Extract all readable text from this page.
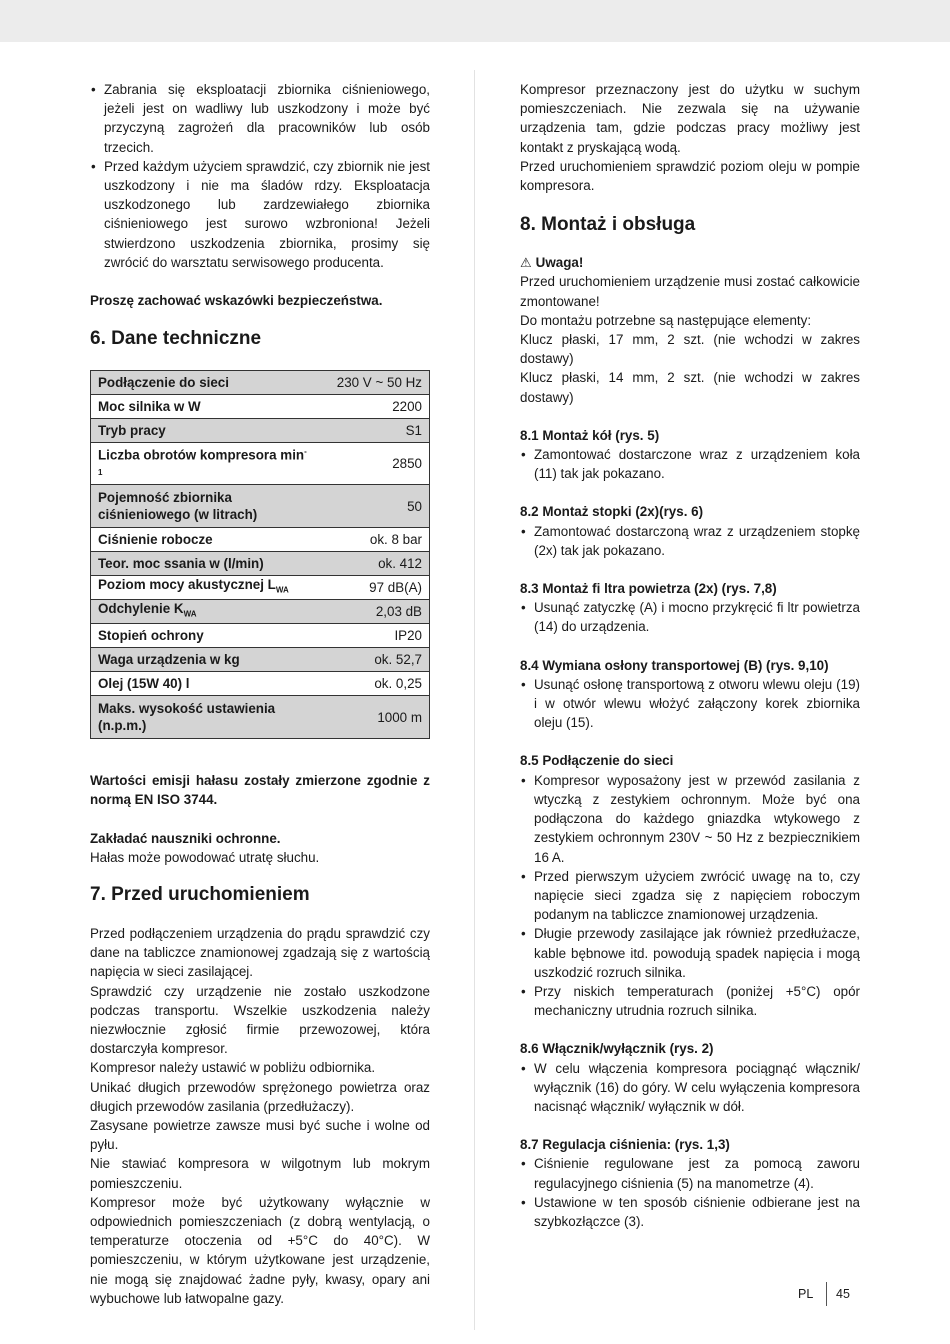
• Zabrania się eksploatacji zbiornika ciśnieniowego, jeżeli jest on wadliwy lub uszkodzony i może być przyczyną zagrożeń dla pracowników lub osób trzecich.
• Przed każdym użyciem sprawdzić, czy zbiornik nie jest uszkodzony i nie ma śladów rdzy. Eksploatacja uszkodzonego lub zardzewiałego zbiornika ciśnieniowego jest surowo wzbroniona! Jeżeli stwierdzono uszkodzenia zbiornika, prosimy się zwrócić do warsztatu serwisowego producenta.

Proszę zachować wskazówki bezpieczeństwa.

6. Dane techniczne
Podłączenie do sieci	230 V ~ 50 Hz
Moc silnika w W	2200
Tryb pracy	S1
Liczba obrotów kompresora $\min^{-1}$	2850
Pojemność zbiornika ciśnieniowego (w litrach)	50
Ciśnienie robocze	ok. 8 bar
Teor. moc ssania w (l/min)	ok. 412
Poziom mocy akustycznej $L_{WA}$	97 dB(A)
Odchylenie $K_{WA}$	2,03 dB
Stopień ochrony	IP20
Waga urządzenia w kg	ok. 52,7
Olej (15W 40) l	ok. 0,25
Maks. wysokość ustawienia (n.p.m.)	1000 m

Wartości emisji hałasu zostały zmierzone zgodnie z normą EN ISO 3744.

Zakładać nauszniki ochronne.

Hałas może powodować utratę słuchu.

7. Przed uruchomieniem

Przed podłączeniem urządzenia do prądu sprawdzić czy dane na tabliczce znamionowej zgadzają się z wartością napięcia w sieci zasilającej.

Sprawdzić czy urządzenie nie zostało uszkodzone podczas transportu. Wszelkie uszkodzenia należy niezwłocznie zgłosić firmie przewozowej, która dostarczyła kompresor.

Kompresor należy ustawić w pobliżu odbiornika.

Unikać długich przewodów sprężonego powietrza oraz długich przewodów zasilania (przedłużaczy).

Zasysane powietrze zawsze musi być suche i wolne od pyłu.

Nie stawiać kompresora w wilgotnym lub mokrym pomieszczeniu.

Kompresor może być użytkowany wyłącznie w odpowiednich pomieszczeniach (z dobrą wentylacją, o temperaturze otoczenia od +5°C do 40°C). W pomieszczeniu, w którym użytkowane jest urządzenie, nie mogą się znajdować żadne pyły, kwasy, opary ani wybuchowe lub łatwopalne gazy.

Kompresor przeznaczony jest do użytku w suchym pomieszczeniach. Nie zezwala się na używanie urządzenia tam, gdzie podczas pracy możliwy jest kontakt z pryskającą wodą.

Przed uruchomieniem sprawdzić poziom oleju w pompie kompresora.

8. Montaż i obsługa
⚠ Uwaga!

Przed uruchomieniem urządzenie musi zostać całkowicie zmontowane!

Do montażu potrzebne są następujące elementy:

Klucz płaski, 17 mm, 2 szt. (nie wchodzi w zakres dostawy)

Klucz płaski, 14 mm, 2 szt. (nie wchodzi w zakres dostawy)

8.1 Montaż kół (rys. 5)
• Zamontować dostarczone wraz z urządzeniem koła (11) tak jak pokazano.
8.2 Montaż stopki (2x)(rys. 6)
• Zamontować dostarczoną wraz z urządzeniem stopkę (2x) tak jak pokazano.
8.3 Montaż fi ltra powietrza (2x) (rys. 7,8)
• Usunąć zatyczkę (A) i mocno przykręcić fi ltr powietrza (14) do urządzenia.
8.4 Wymiana osłony transportowej (B) (rys. 9,10)
• Usunąć osłonę transportową z otworu wlewu oleju (19) i w otwór wlewu włożyć załączony korek zbiornika oleju (15).
8.5 Podłączenie do sieci
• Kompresor wyposażony jest w przewód zasilania z wtyczką z zestykiem ochronnym. Może być ona podłączona do każdego gniazdka wtykowego z zestykiem ochronnym 230V ~ 50 Hz z bezpiecznikiem 16 A.
• Przed pierwszym użyciem zwrócić uwagę na to, czy napięcie sieci zgadza się z napięciem roboczym podanym na tabliczce znamionowej urządzenia.
• Długie przewody zasilające jak również przedłużacze, kable bębnowe itd. powodują spadek napięcia i mogą uszkodzić rozruch silnika.
• Przy niskich temperaturach (poniżej +5°C) opór mechaniczny utrudnia rozruch silnika.
8.6 Włącznik/wyłącznik (rys. 2)
• W celu włączenia kompresora pociągnąć włącznik/ wyłącznik (16) do góry. W celu wyłączenia kompresora nacisnąć włącznik/ wyłącznik w dół.
8.7 Regulacja ciśnienia: (rys. 1,3)
• Ciśnienie regulowane jest za pomocą zaworu regulacyjnego ciśnienia (5) na manometrze (4).
• Ustawione w ten sposób ciśnienie odbierane jest na szybkozłączce (3).
PL 45
